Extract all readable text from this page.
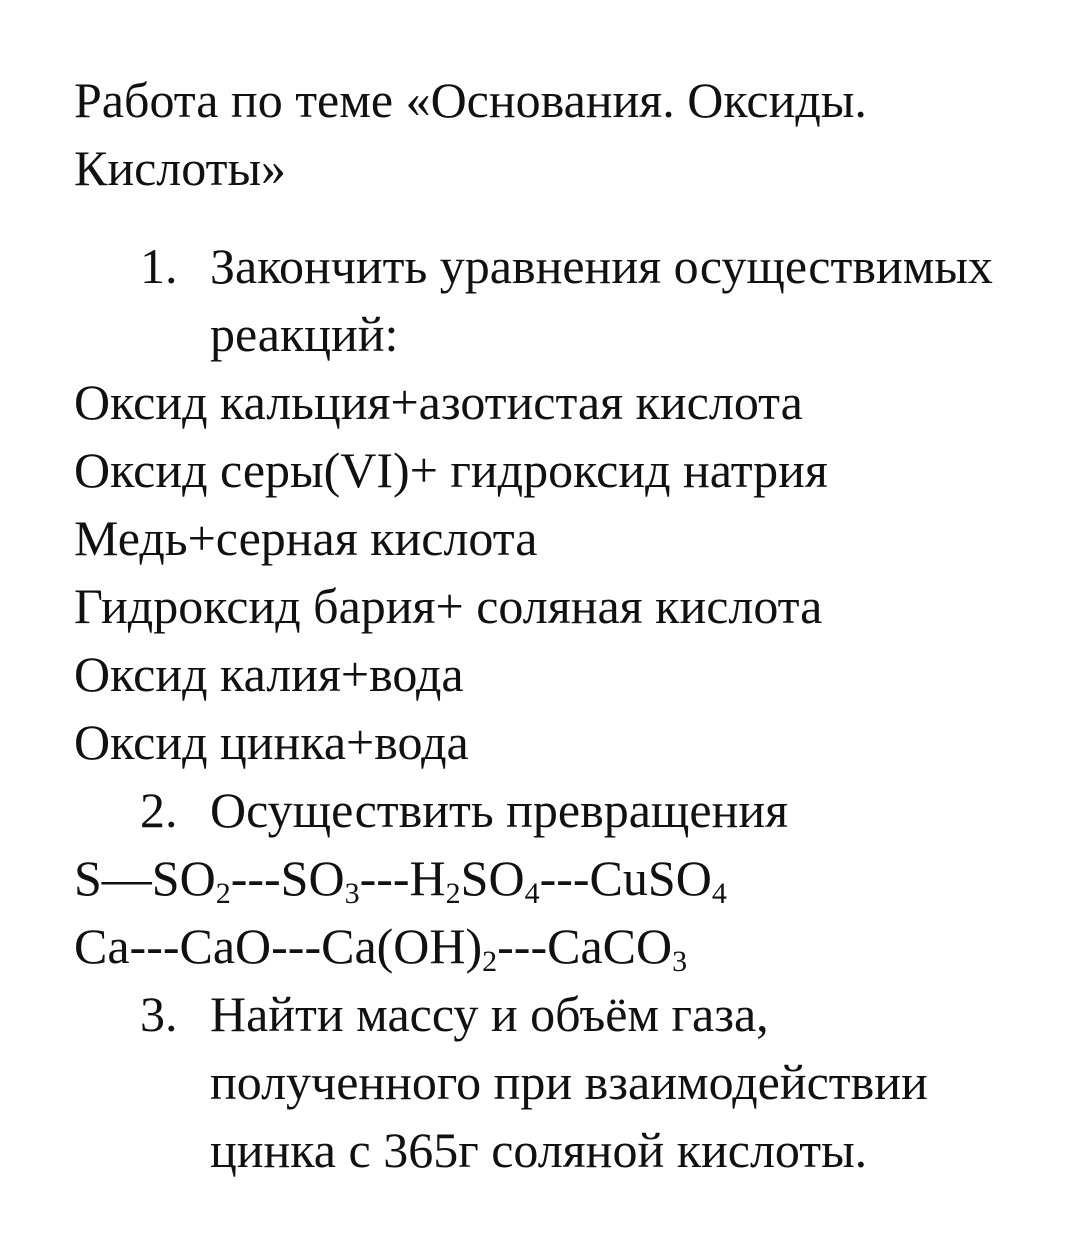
Работа по теме «Основания. Оксиды. Кислоты»
1. Закончить уравнения осуществимых реакций:
Оксид кальция+азотистая кислота
Оксид серы(VI)+ гидроксид натрия
Медь+серная кислота
Гидроксид бария+ соляная кислота
Оксид калия+вода
Оксид цинка+вода
2. Осуществить превращения
$S—SO_2---SO_3---H_2SO_4---CuSO_4$
$Ca---CaO---Ca(OH)_2---CaCO_3$
3. Найти массу и объём газа, полученного при взаимодействии цинка с 365г соляной кислоты.
